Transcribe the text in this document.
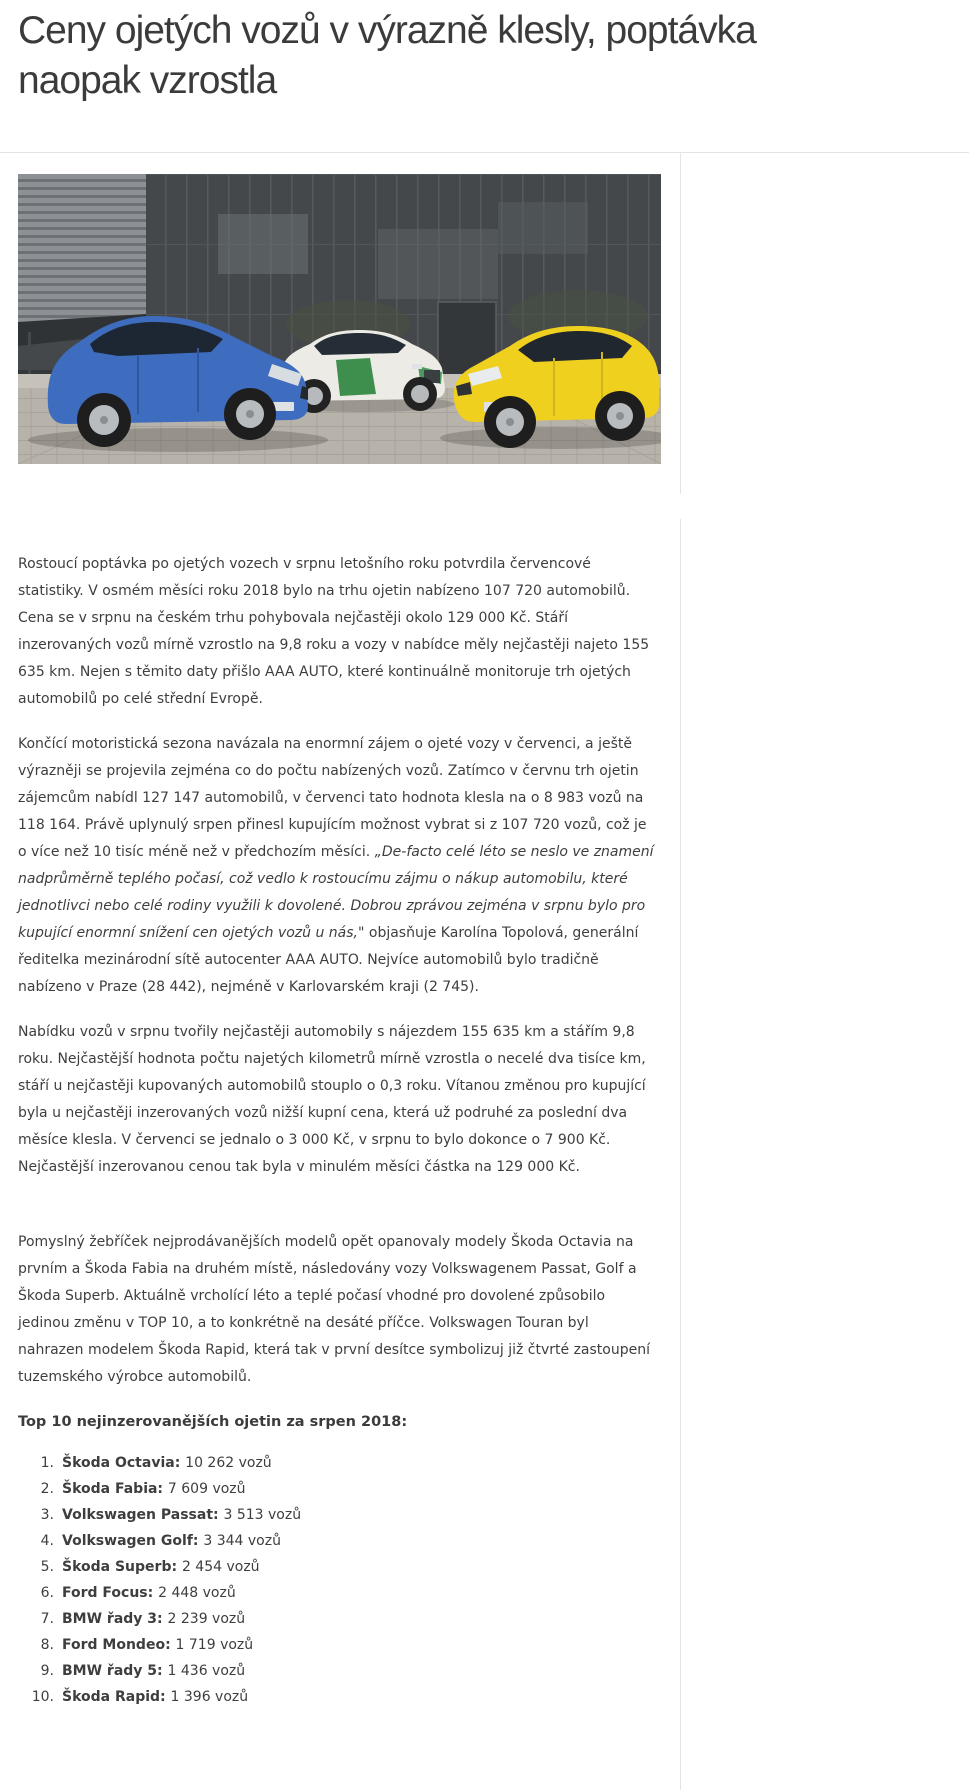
Ceny ojetých vozů v výrazně klesly, poptávka
naopak vzrostla

Rostoucí poptávka po ojetých vozech v srpnu letošního roku potvrdila červencové statistiky. V osmém měsíci roku 2018 bylo na trhu ojetin nabízeno 107 720 automobilů. Cena se v srpnu na českém trhu pohybovala nejčastěji okolo 129 000 Kč. Stáří inzerovaných vozů mírně vzrostlo na 9,8 roku a vozy v nabídce měly nejčastěji najeto 155 635 km. Nejen s těmito daty přišlo AAA AUTO, které kontinuálně monitoruje trh ojetých automobilů po celé střední Evropě.

Končící motoristická sezona navázala na enormní zájem o ojeté vozy v červenci, a ještě výrazněji se projevila zejména co do počtu nabízených vozů. Zatímco v červnu trh ojetin zájemcům nabídl 127 147 automobilů, v červenci tato hodnota klesla na o 8 983 vozů na 118 164. Právě uplynulý srpen přinesl kupujícím možnost vybrat si z 107 720 vozů, což je o více než 10 tisíc méně než v předchozím měsíci. „De-facto celé léto se neslo ve znamení nadprůměrně teplého počasí, což vedlo k rostoucímu zájmu o nákup automobilu, které jednotlivci nebo celé rodiny využili k dovolené. Dobrou zprávou zejména v srpnu bylo pro kupující enormní snížení cen ojetých vozů u nás," objasňuje Karolína Topolová, generální ředitelka mezinárodní sítě autocenter AAA AUTO. Nejvíce automobilů bylo tradičně nabízeno v Praze (28 442), nejméně v Karlovarském kraji (2 745).

Nabídku vozů v srpnu tvořily nejčastěji automobily s nájezdem 155 635 km a stářím 9,8 roku. Nejčastější hodnota počtu najetých kilometrů mírně vzrostla o necelé dva tisíce km, stáří u nejčastěji kupovaných automobilů stouplo o 0,3 roku. Vítanou změnou pro kupující byla u nejčastěji inzerovaných vozů nižší kupní cena, která už podruhé za poslední dva měsíce klesla. V červenci se jednalo o 3 000 Kč, v srpnu to bylo dokonce o 7 900 Kč. Nejčastější inzerovanou cenou tak byla v minulém měsíci částka na 129 000 Kč.

Pomyslný žebříček nejprodávanějších modelů opět opanovaly modely Škoda Octavia na prvním a Škoda Fabia na druhém místě, následovány vozy Volkswagenem Passat, Golf a Škoda Superb. Aktuálně vrcholící léto a teplé počasí vhodné pro dovolené způsobilo jedinou změnu v TOP 10, a to konkrétně na desáté příčce. Volkswagen Touran byl nahrazen modelem Škoda Rapid, která tak v první desítce symbolizuj již čtvrté zastoupení tuzemského výrobce automobilů.

Top 10 nejinzerovanějších ojetin za srpen 2018:
1. Škoda Octavia: 10 262 vozů
2. Škoda Fabia: 7 609 vozů
3. Volkswagen Passat: 3 513 vozů
4. Volkswagen Golf: 3 344 vozů
5. Škoda Superb: 2 454 vozů
6. Ford Focus: 2 448 vozů
7. BMW řady 3: 2 239 vozů
8. Ford Mondeo: 1 719 vozů
9. BMW řady 5: 1 436 vozů
10. Škoda Rapid: 1 396 vozů
